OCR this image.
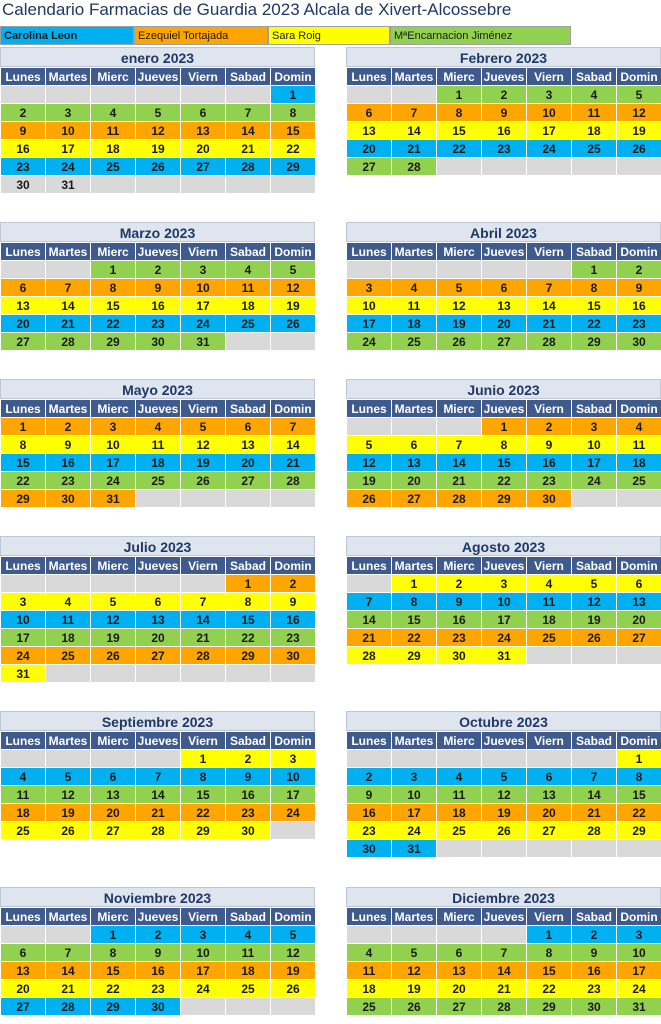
Calendario Farmacias de Guardia 2023 Alcala de Xivert-Alcossebre
Carolina Leon	Ezequiel Tortajada	Sara Roig	MªEncarnacion Jiménez
enero 2023
Lunes	Martes	Mierc	Jueves	Viern	Sabad	Domin
						1
2	3	4	5	6	7	8
9	10	11	12	13	14	15
16	17	18	19	20	21	22
23	24	25	26	27	28	29
30	31					
Febrero 2023
Lunes	Martes	Mierc	Jueves	Viern	Sabad	Domin
		1	2	3	4	5
6	7	8	9	10	11	12
13	14	15	16	17	18	19
20	21	22	23	24	25	26
27	28					
Marzo 2023
Lunes	Martes	Mierc	Jueves	Viern	Sabad	Domin
		1	2	3	4	5
6	7	8	9	10	11	12
13	14	15	16	17	18	19
20	21	22	23	24	25	26
27	28	29	30	31		
Abril 2023
Lunes	Martes	Mierc	Jueves	Viern	Sabad	Domin
					1	2
3	4	5	6	7	8	9
10	11	12	13	14	15	16
17	18	19	20	21	22	23
24	25	26	27	28	29	30
Mayo 2023
Lunes	Martes	Mierc	Jueves	Viern	Sabad	Domin
1	2	3	4	5	6	7
8	9	10	11	12	13	14
15	16	17	18	19	20	21
22	23	24	25	26	27	28
29	30	31				
Junio 2023
Lunes	Martes	Mierc	Jueves	Viern	Sabad	Domin
			1	2	3	4
5	6	7	8	9	10	11
12	13	14	15	16	17	18
19	20	21	22	23	24	25
26	27	28	29	30		
Julio 2023
Lunes	Martes	Mierc	Jueves	Viern	Sabad	Domin
					1	2
3	4	5	6	7	8	9
10	11	12	13	14	15	16
17	18	19	20	21	22	23
24	25	26	27	28	29	30
31						
Agosto 2023
Lunes	Martes	Mierc	Jueves	Viern	Sabad	Domin
	1	2	3	4	5	6
7	8	9	10	11	12	13
14	15	16	17	18	19	20
21	22	23	24	25	26	27
28	29	30	31			
Septiembre 2023
Lunes	Martes	Mierc	Jueves	Viern	Sabad	Domin
				1	2	3
4	5	6	7	8	9	10
11	12	13	14	15	16	17
18	19	20	21	22	23	24
25	26	27	28	29	30	
Octubre 2023
Lunes	Martes	Mierc	Jueves	Viern	Sabad	Domin
						1
2	3	4	5	6	7	8
9	10	11	12	13	14	15
16	17	18	19	20	21	22
23	24	25	26	27	28	29
30	31					
Noviembre 2023
Lunes	Martes	Mierc	Jueves	Viern	Sabad	Domin
		1	2	3	4	5
6	7	8	9	10	11	12
13	14	15	16	17	18	19
20	21	22	23	24	25	26
27	28	29	30			
Diciembre 2023
Lunes	Martes	Mierc	Jueves	Viern	Sabad	Domin
				1	2	3
4	5	6	7	8	9	10
11	12	13	14	15	16	17
18	19	20	21	22	23	24
25	26	27	28	29	30	31
